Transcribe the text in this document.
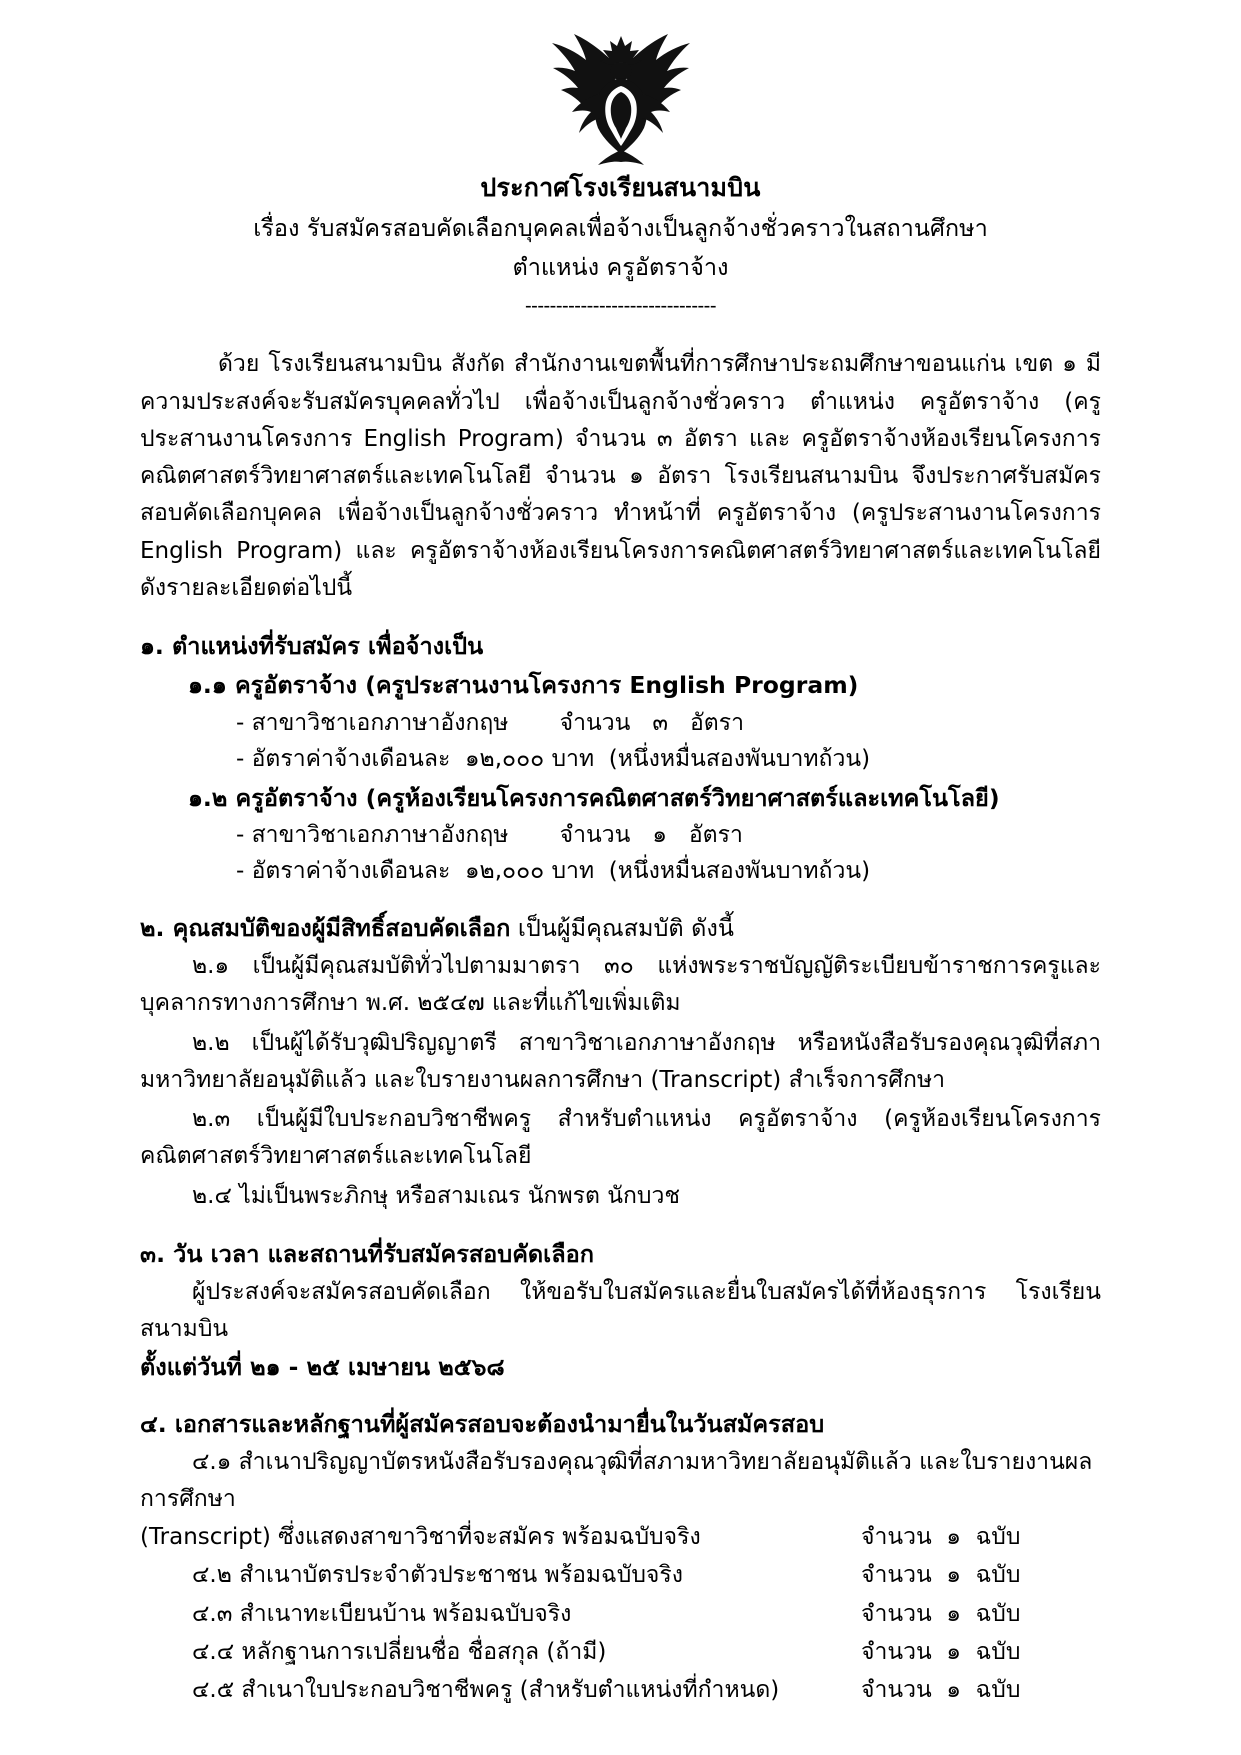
ประกาศโรงเรียนสนามบิน
เรื่อง รับสมัครสอบคัดเลือกบุคคลเพื่อจ้างเป็นลูกจ้างชั่วคราวในสถานศึกษา
ตำแหน่ง ครูอัตราจ้าง
-------------------------------
ด้วย โรงเรียนสนามบิน สังกัด สำนักงานเขตพื้นที่การศึกษาประถมศึกษาขอนแก่น เขต ๑ มีความประสงค์จะรับสมัครบุคคลทั่วไป เพื่อจ้างเป็นลูกจ้างชั่วคราว ตำแหน่ง ครูอัตราจ้าง (ครูประสานงานโครงการ English Program) จำนวน ๓ อัตรา และ ครูอัตราจ้างห้องเรียนโครงการคณิตศาสตร์วิทยาศาสตร์และเทคโนโลยี จำนวน ๑ อัตรา โรงเรียนสนามบิน จึงประกาศรับสมัครสอบคัดเลือกบุคคล เพื่อจ้างเป็นลูกจ้างชั่วคราว ทำหน้าที่ ครูอัตราจ้าง (ครูประสานงานโครงการ English Program) และ ครูอัตราจ้างห้องเรียนโครงการคณิตศาสตร์วิทยาศาสตร์และเทคโนโลยี ดังรายละเอียดต่อไปนี้
๑. ตำแหน่งที่รับสมัคร เพื่อจ้างเป็น
๑.๑ ครูอัตราจ้าง (ครูประสานงานโครงการ English Program)
- สาขาวิชาเอกภาษาอังกฤษ       จำนวน   ๓   อัตรา
- อัตราค่าจ้างเดือนละ  ๑๒,๐๐๐ บาท  (หนึ่งหมื่นสองพันบาทถ้วน)
๑.๒ ครูอัตราจ้าง (ครูห้องเรียนโครงการคณิตศาสตร์วิทยาศาสตร์และเทคโนโลยี)
- สาขาวิชาเอกภาษาอังกฤษ       จำนวน   ๑   อัตรา
- อัตราค่าจ้างเดือนละ  ๑๒,๐๐๐ บาท  (หนึ่งหมื่นสองพันบาทถ้วน)
๒. คุณสมบัติของผู้มีสิทธิ์สอบคัดเลือก เป็นผู้มีคุณสมบัติ ดังนี้
๒.๑ เป็นผู้มีคุณสมบัติทั่วไปตามมาตรา ๓๐ แห่งพระราชบัญญัติระเบียบข้าราชการครูและบุคลากรทางการศึกษา พ.ศ. ๒๕๔๗ และที่แก้ไขเพิ่มเติม
๒.๒ เป็นผู้ได้รับวุฒิปริญญาตรี สาขาวิชาเอกภาษาอังกฤษ หรือหนังสือรับรองคุณวุฒิที่สภามหาวิทยาลัยอนุมัติแล้ว และใบรายงานผลการศึกษา (Transcript) สำเร็จการศึกษา
๒.๓ เป็นผู้มีใบประกอบวิชาชีพครู สำหรับตำแหน่ง ครูอัตราจ้าง (ครูห้องเรียนโครงการคณิตศาสตร์วิทยาศาสตร์และเทคโนโลยี
๒.๔ ไม่เป็นพระภิกษุ หรือสามเณร นักพรต นักบวช
๓. วัน เวลา และสถานที่รับสมัครสอบคัดเลือก
ผู้ประสงค์จะสมัครสอบคัดเลือก ให้ขอรับใบสมัครและยื่นใบสมัครได้ที่ห้องธุรการ โรงเรียนสนามบิน
ตั้งแต่วันที่ ๒๑ - ๒๕ เมษายน ๒๕๖๘
๔. เอกสารและหลักฐานที่ผู้สมัครสอบจะต้องนำมายื่นในวันสมัครสอบ
๔.๑ สำเนาปริญญาบัตรหนังสือรับรองคุณวุฒิที่สภามหาวิทยาลัยอนุมัติแล้ว และใบรายงานผลการศึกษา
(Transcript) ซึ่งแสดงสาขาวิชาที่จะสมัคร พร้อมฉบับจริง	จำนวน  ๑  ฉบับ
๔.๒ สำเนาบัตรประจำตัวประชาชน พร้อมฉบับจริง	จำนวน  ๑  ฉบับ
๔.๓ สำเนาทะเบียนบ้าน พร้อมฉบับจริง	จำนวน  ๑  ฉบับ
๔.๔ หลักฐานการเปลี่ยนชื่อ ชื่อสกุล (ถ้ามี)	จำนวน  ๑  ฉบับ
๔.๕ สำเนาใบประกอบวิชาชีพครู (สำหรับตำแหน่งที่กำหนด)	จำนวน  ๑  ฉบับ
